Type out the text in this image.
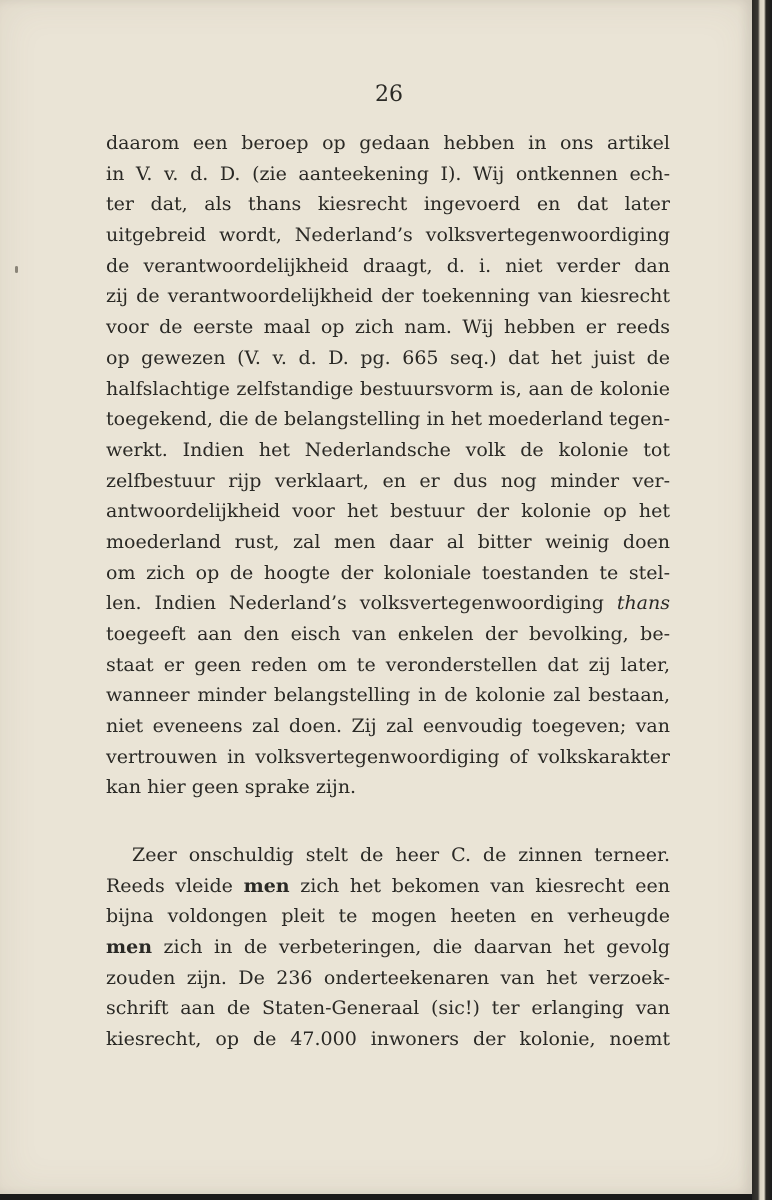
26

daarom een beroep op gedaan hebben in ons artikel
in V. v. d. D. (zie aanteekening I). Wij ontkennen ech-
ter dat, als thans kiesrecht ingevoerd en dat later
uitgebreid wordt, Nederland’s volksvertegenwoordiging
de verantwoordelijkheid draagt, d. i. niet verder dan
zij de verantwoordelijkheid der toekenning van kiesrecht
voor de eerste maal op zich nam. Wij hebben er reeds
op gewezen (V. v. d. D. pg. 665 seq.) dat het juist de
halfslachtige zelfstandige bestuursvorm is, aan de kolonie
toegekend, die de belangstelling in het moederland tegen-
werkt. Indien het Nederlandsche volk de kolonie tot
zelfbestuur rijp verklaart, en er dus nog minder ver-
antwoordelijkheid voor het bestuur der kolonie op het
moederland rust, zal men daar al bitter weinig doen
om zich op de hoogte der koloniale toestanden te stel-
len. Indien Nederland’s volksvertegenwoordiging thans
toegeeft aan den eisch van enkelen der bevolking, be-
staat er geen reden om te veronderstellen dat zij later,
wanneer minder belangstelling in de kolonie zal bestaan,
niet eveneens zal doen. Zij zal eenvoudig toegeven; van
vertrouwen in volksvertegenwoordiging of volkskarakter
kan hier geen sprake zijn.
Zeer onschuldig stelt de heer C. de zinnen terneer.
Reeds vleide men zich het bekomen van kiesrecht een
bijna voldongen pleit te mogen heeten en verheugde
men zich in de verbeteringen, die daarvan het gevolg
zouden zijn. De 236 onderteekenaren van het verzoek-
schrift aan de Staten-Generaal (sic!) ter erlanging van
kiesrecht, op de 47.000 inwoners der kolonie, noemt
